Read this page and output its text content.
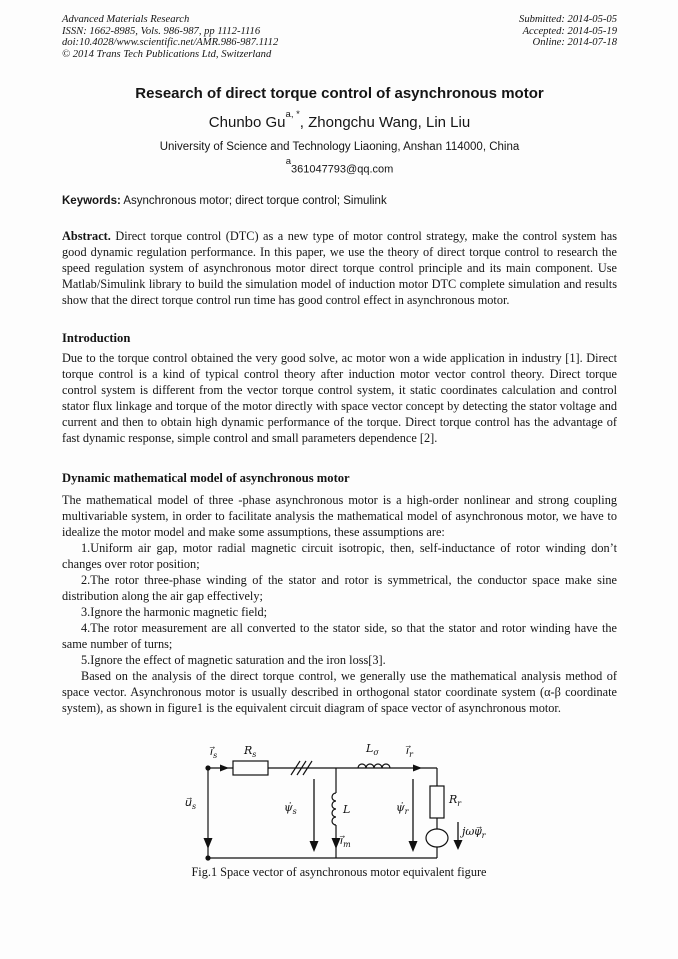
Advanced Materials Research
ISSN: 1662-8985, Vols. 986-987, pp 1112-1116
doi:10.4028/www.scientific.net/AMR.986-987.1112
© 2014 Trans Tech Publications Ltd, Switzerland
Submitted: 2014-05-05
Accepted: 2014-05-19
Online: 2014-07-18
Research of direct torque control of asynchronous motor
Chunbo $Gu^{a, *}$, Zhongchu Wang, Lin Liu
University of Science and Technology Liaoning, Anshan 114000, China
$^a$361047793@qq.com

Keywords: Asynchronous motor; direct torque control; Simulink

Abstract. Direct torque control (DTC) as a new type of motor control strategy, make the control system has good dynamic regulation performance. In this paper, we use the theory of direct torque control to research the speed regulation system of asynchronous motor direct torque control principle and its main component. Use Matlab/Simulink library to build the simulation model of induction motor DTC complete simulation and results show that the direct torque control run time has good control effect in asynchronous motor.

Introduction

Due to the torque control obtained the very good solve, ac motor won a wide application in industry [1]. Direct torque control is a kind of typical control theory after induction motor vector control theory. Direct torque control system is different from the vector torque control system, it static coordinates calculation and control stator flux linkage and torque of the motor directly with space vector concept by detecting the stator voltage and current and then to obtain high dynamic performance of the torque. Direct torque control has the advantage of fast dynamic response, simple control and small parameters dependence [2].

Dynamic mathematical model of asynchronous motor

The mathematical model of three -phase asynchronous motor is a high-order nonlinear and strong coupling multivariable system, in order to facilitate analysis the mathematical model of asynchronous motor, we have to idealize the motor model and make some assumptions, these assumptions are:

1.Uniform air gap, motor radial magnetic circuit isotropic, then, self-inductance of rotor winding don’t changes over rotor position;

2.The rotor three-phase winding of the stator and rotor is symmetrical, the conductor space make sine distribution along the air gap effectively;

3.Ignore the harmonic magnetic field;

4.The rotor measurement are all converted to the stator side, so that the stator and rotor winding have the same number of turns;

5.Ignore the effect of magnetic saturation and the iron loss[3].

Based on the analysis of the direct torque control, we generally use the mathematical analysis method of space vector. Asynchronous motor is usually described in orthogonal stator coordinate system (α-β coordinate system), as shown in figure1 is the equivalent circuit diagram of space vector of asynchronous motor.

$i⃗_s$ $R_s$	$L_\sigma$ $i⃗_r$
$u⃗_s$	$\psi̇_s$	L
$i⃗_m$
$\psi̇_r$
$R_r$
$j\omega\psi⃗_r$
Fig.1 Space vector of asynchronous motor equivalent figure
